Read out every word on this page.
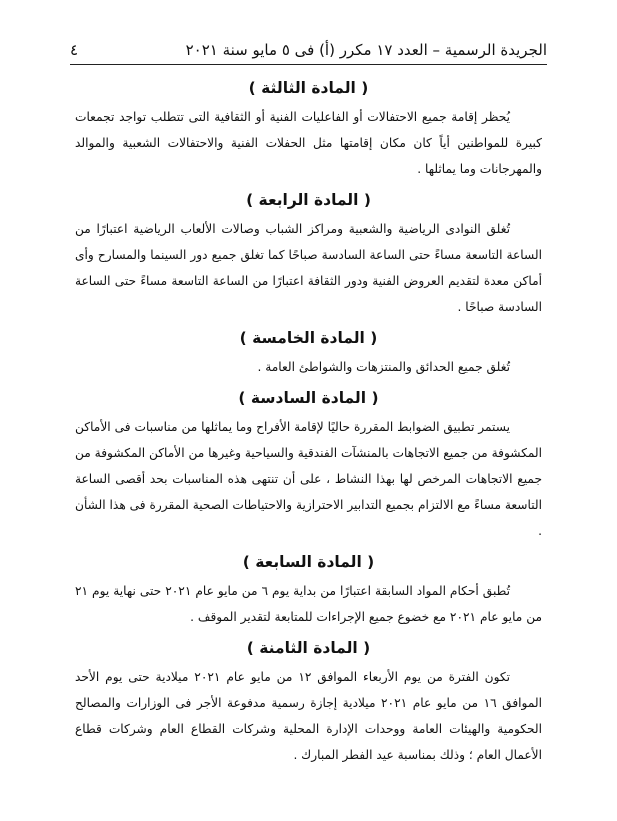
الجريدة الرسمية – العدد ١٧ مكرر (أ) فى ٥ مايو سنة ٢٠٢١
٤
( المادة الثالثة )

يُحظر إقامة جميع الاحتفالات أو الفاعليات الفنية أو الثقافية التى تتطلب تواجد تجمعات كبيرة للمواطنين أياً كان مكان إقامتها مثل الحفلات الفنية والاحتفالات الشعبية والموالد والمهرجانات وما يماثلها .

( المادة الرابعة )

تُغلق النوادى الرياضية والشعبية ومراكز الشباب وصالات الألعاب الرياضية اعتبارًا من الساعة التاسعة مساءً حتى الساعة السادسة صباحًا كما تغلق جميع دور السينما والمسارح وأى أماكن معدة لتقديم العروض الفنية ودور الثقافة اعتبارًا من الساعة التاسعة مساءً حتى الساعة السادسة صباحًا .

( المادة الخامسة )

تُغلق جميع الحدائق والمنتزهات والشواطئ العامة .

( المادة السادسة )

يستمر تطبيق الضوابط المقررة حاليًا لإقامة الأفراح وما يماثلها من مناسبات فى الأماكن المكشوفة من جميع الاتجاهات بالمنشآت الفندقية والسياحية وغيرها من الأماكن المكشوفة من جميع الاتجاهات المرخص لها بهذا النشاط ، على أن تنتهى هذه المناسبات بحد أقصى الساعة التاسعة مساءً مع الالتزام بجميع التدابير الاحترازية والاحتياطات الصحية المقررة فى هذا الشأن .

( المادة السابعة )

تُطبق أحكام المواد السابقة اعتبارًا من بداية يوم ٦ من مايو عام ٢٠٢١ حتى نهاية يوم ٢١ من مايو عام ٢٠٢١ مع خضوع جميع الإجراءات للمتابعة لتقدير الموقف .

( المادة الثامنة )

تكون الفترة من يوم الأربعاء الموافق ١٢ من مايو عام ٢٠٢١ ميلادية حتى يوم الأحد الموافق ١٦ من مايو عام ٢٠٢١ ميلادية إجازة رسمية مدفوعة الأجر فى الوزارات والمصالح الحكومية والهيئات العامة ووحدات الإدارة المحلية وشركات القطاع العام وشركات قطاع الأعمال العام ؛ وذلك بمناسبة عيد الفطر المبارك .
